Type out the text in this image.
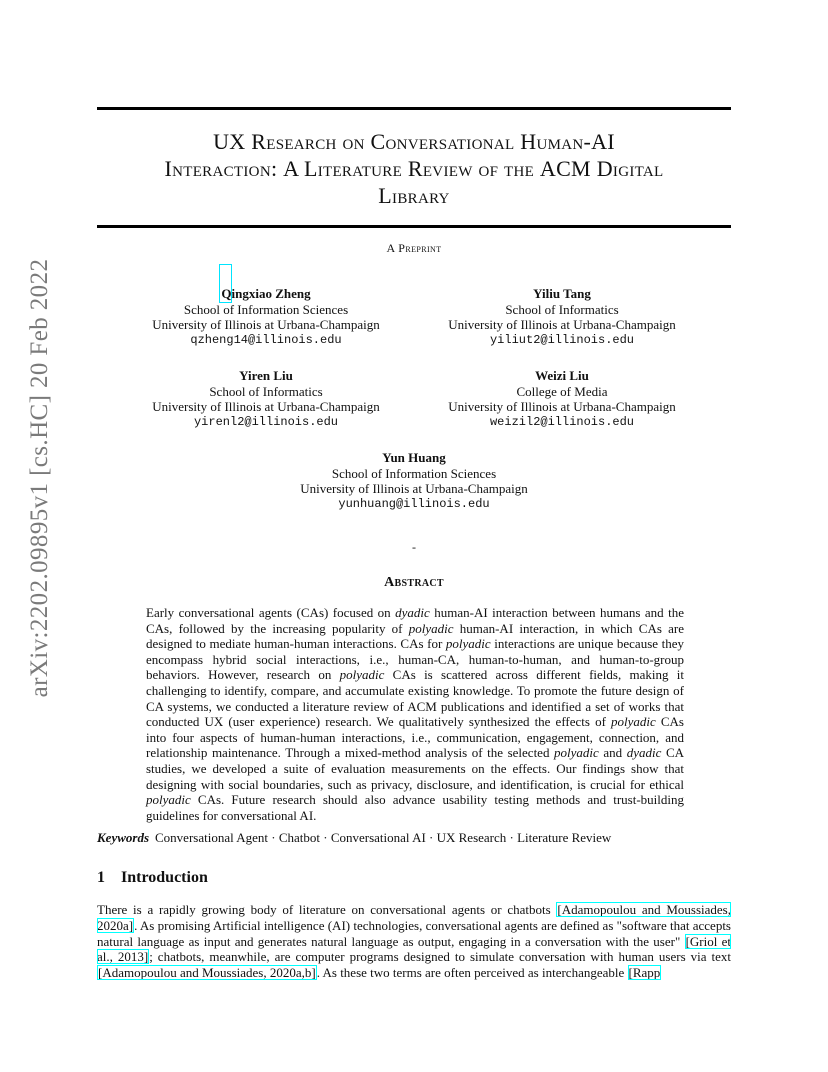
arXiv:2202.09895v1 [cs.HC] 20 Feb 2022
UX Research on Conversational Human-AI
Interaction: A Literature Review of the ACM Digital
Library
A Preprint
Qingxiao Zheng
School of Information Sciences
University of Illinois at Urbana-Champaign
qzheng14@illinois.edu
Yiliu Tang
School of Informatics
University of Illinois at Urbana-Champaign
yiliut2@illinois.edu
Yiren Liu
School of Informatics
University of Illinois at Urbana-Champaign
yirenl2@illinois.edu
Weizi Liu
College of Media
University of Illinois at Urbana-Champaign
weizil2@illinois.edu
Yun Huang
School of Information Sciences
University of Illinois at Urbana-Champaign
yunhuang@illinois.edu
-
Abstract
Early conversational agents (CAs) focused on dyadic human-AI interaction between humans and the CAs, followed by the increasing popularity of polyadic human-AI interaction, in which CAs are designed to mediate human-human interactions. CAs for polyadic interactions are unique because they encompass hybrid social interactions, i.e., human-CA, human-to-human, and human-to-group behaviors. However, research on polyadic CAs is scattered across different fields, making it challenging to identify, compare, and accumulate existing knowledge. To promote the future design of CA systems, we conducted a literature review of ACM publications and identified a set of works that conducted UX (user experience) research. We qualitatively synthesized the effects of polyadic CAs into four aspects of human-human interactions, i.e., communication, engagement, connection, and relationship maintenance. Through a mixed-method analysis of the selected polyadic and dyadic CA studies, we developed a suite of evaluation measurements on the effects. Our findings show that designing with social boundaries, such as privacy, disclosure, and identification, is crucial for ethical polyadic CAs. Future research should also advance usability testing methods and trust-building guidelines for conversational AI.
Keywords Conversational Agent · Chatbot · Conversational AI · UX Research · Literature Review
1 Introduction
There is a rapidly growing body of literature on conversational agents or chatbots [Adamopoulou and Moussiades, 2020a]. As promising Artificial intelligence (AI) technologies, conversational agents are defined as "software that accepts natural language as input and generates natural language as output, engaging in a conversation with the user" [Griol et al., 2013]; chatbots, meanwhile, are computer programs designed to simulate conversation with human users via text [Adamopoulou and Moussiades, 2020a,b]. As these two terms are often perceived as interchangeable [Rapp
